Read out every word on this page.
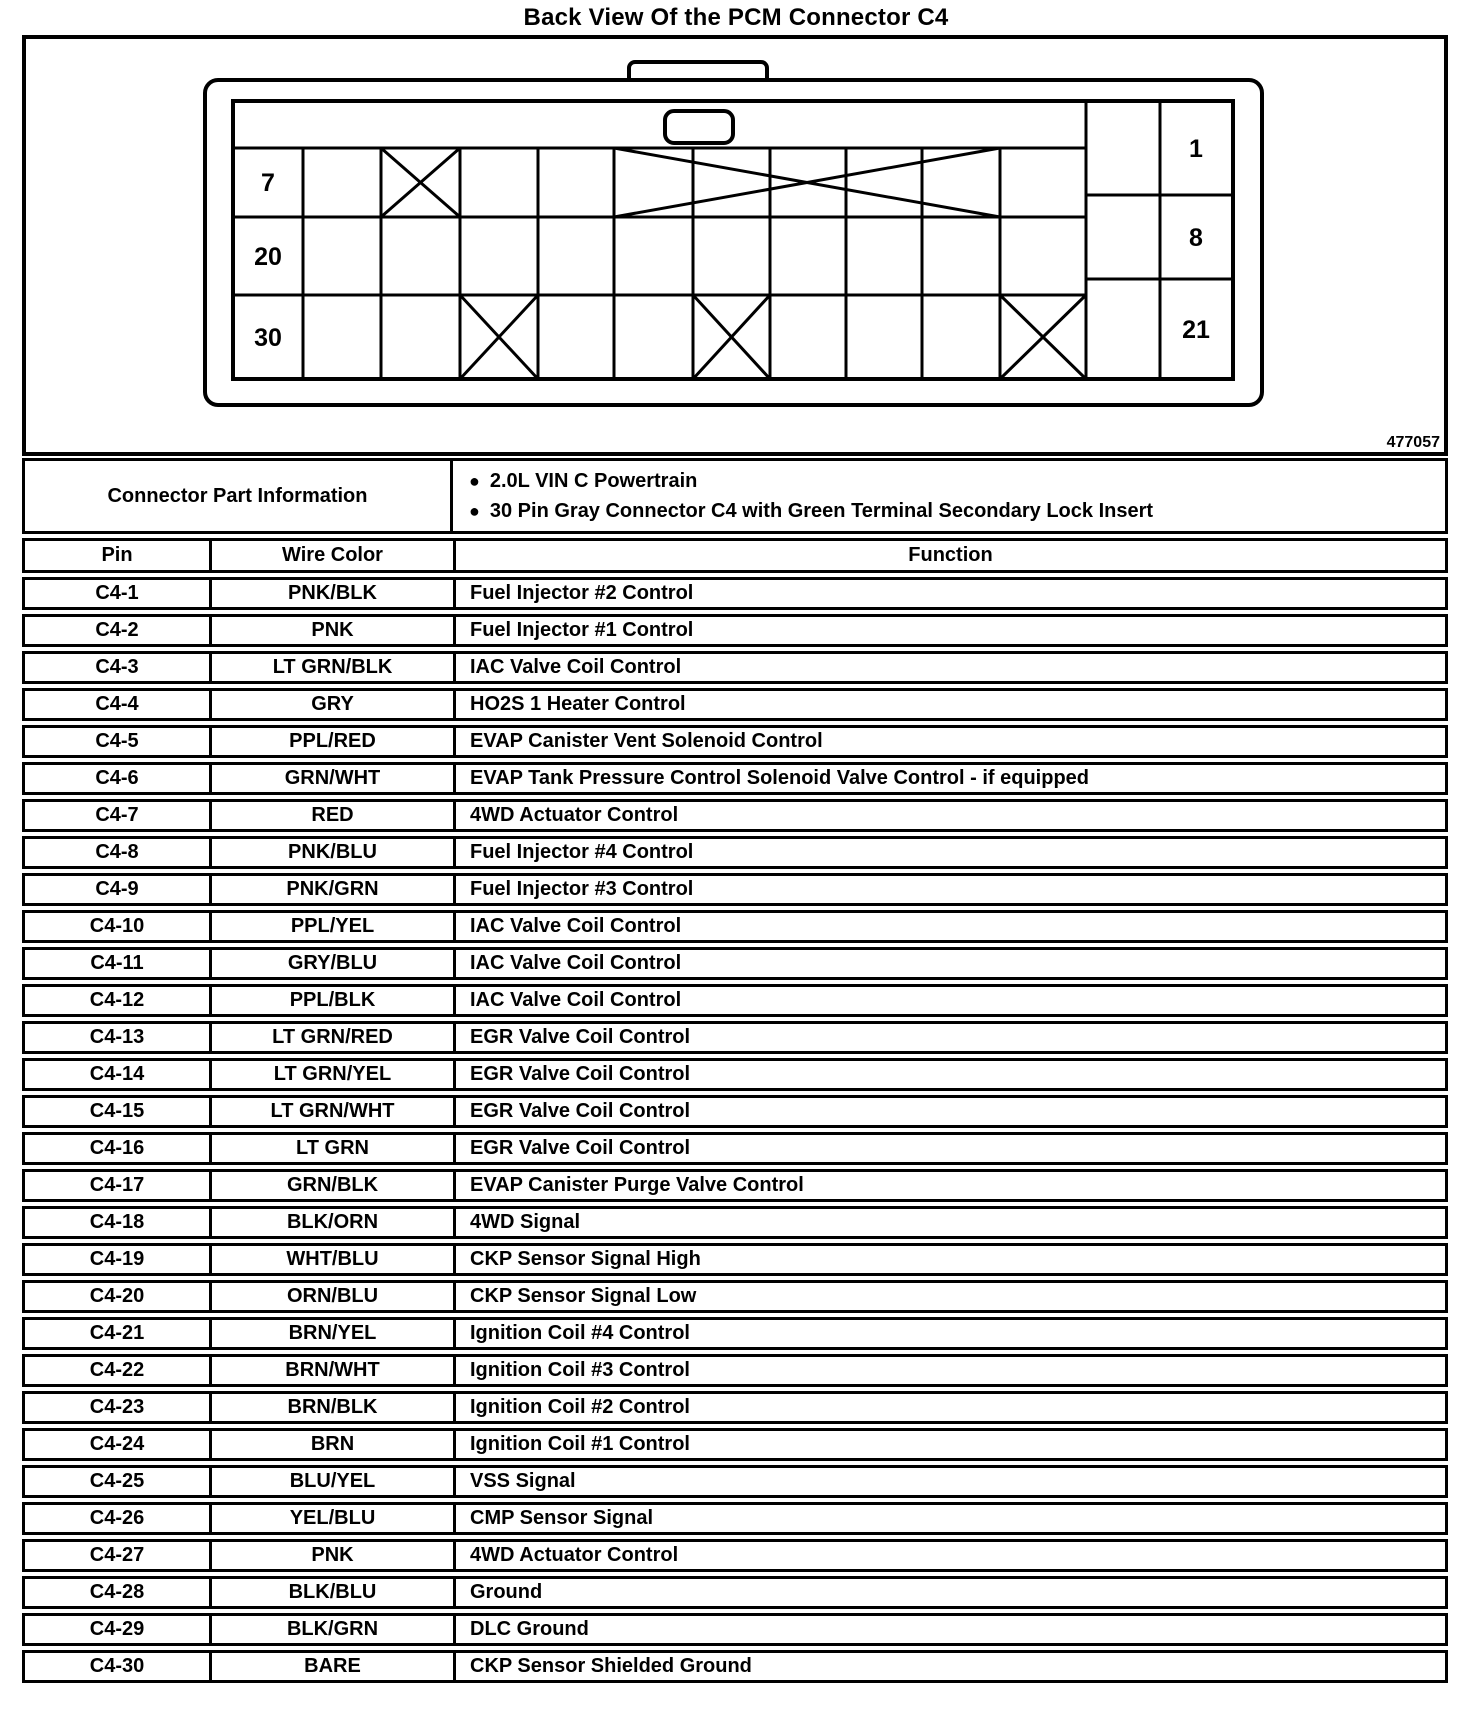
Back View Of the PCM Connector C4
7
20
30
1
8
21
477057
Connector Part Information
● 2.0L VIN C Powertrain
● 30 Pin Gray Connector C4 with Green Terminal Secondary Lock Insert
Pin	Wire Color	Function
C4-1	PNK/BLK	Fuel Injector #2 Control
C4-2	PNK	Fuel Injector #1 Control
C4-3	LT GRN/BLK	IAC Valve Coil Control
C4-4	GRY	HO2S 1 Heater Control
C4-5	PPL/RED	EVAP Canister Vent Solenoid Control
C4-6	GRN/WHT	EVAP Tank Pressure Control Solenoid Valve Control - if equipped
C4-7	RED	4WD Actuator Control
C4-8	PNK/BLU	Fuel Injector #4 Control
C4-9	PNK/GRN	Fuel Injector #3 Control
C4-10	PPL/YEL	IAC Valve Coil Control
C4-11	GRY/BLU	IAC Valve Coil Control
C4-12	PPL/BLK	IAC Valve Coil Control
C4-13	LT GRN/RED	EGR Valve Coil Control
C4-14	LT GRN/YEL	EGR Valve Coil Control
C4-15	LT GRN/WHT	EGR Valve Coil Control
C4-16	LT GRN	EGR Valve Coil Control
C4-17	GRN/BLK	EVAP Canister Purge Valve Control
C4-18	BLK/ORN	4WD Signal
C4-19	WHT/BLU	CKP Sensor Signal High
C4-20	ORN/BLU	CKP Sensor Signal Low
C4-21	BRN/YEL	Ignition Coil #4 Control
C4-22	BRN/WHT	Ignition Coil #3 Control
C4-23	BRN/BLK	Ignition Coil #2 Control
C4-24	BRN	Ignition Coil #1 Control
C4-25	BLU/YEL	VSS Signal
C4-26	YEL/BLU	CMP Sensor Signal
C4-27	PNK	4WD Actuator Control
C4-28	BLK/BLU	Ground
C4-29	BLK/GRN	DLC Ground
C4-30	BARE	CKP Sensor Shielded Ground
